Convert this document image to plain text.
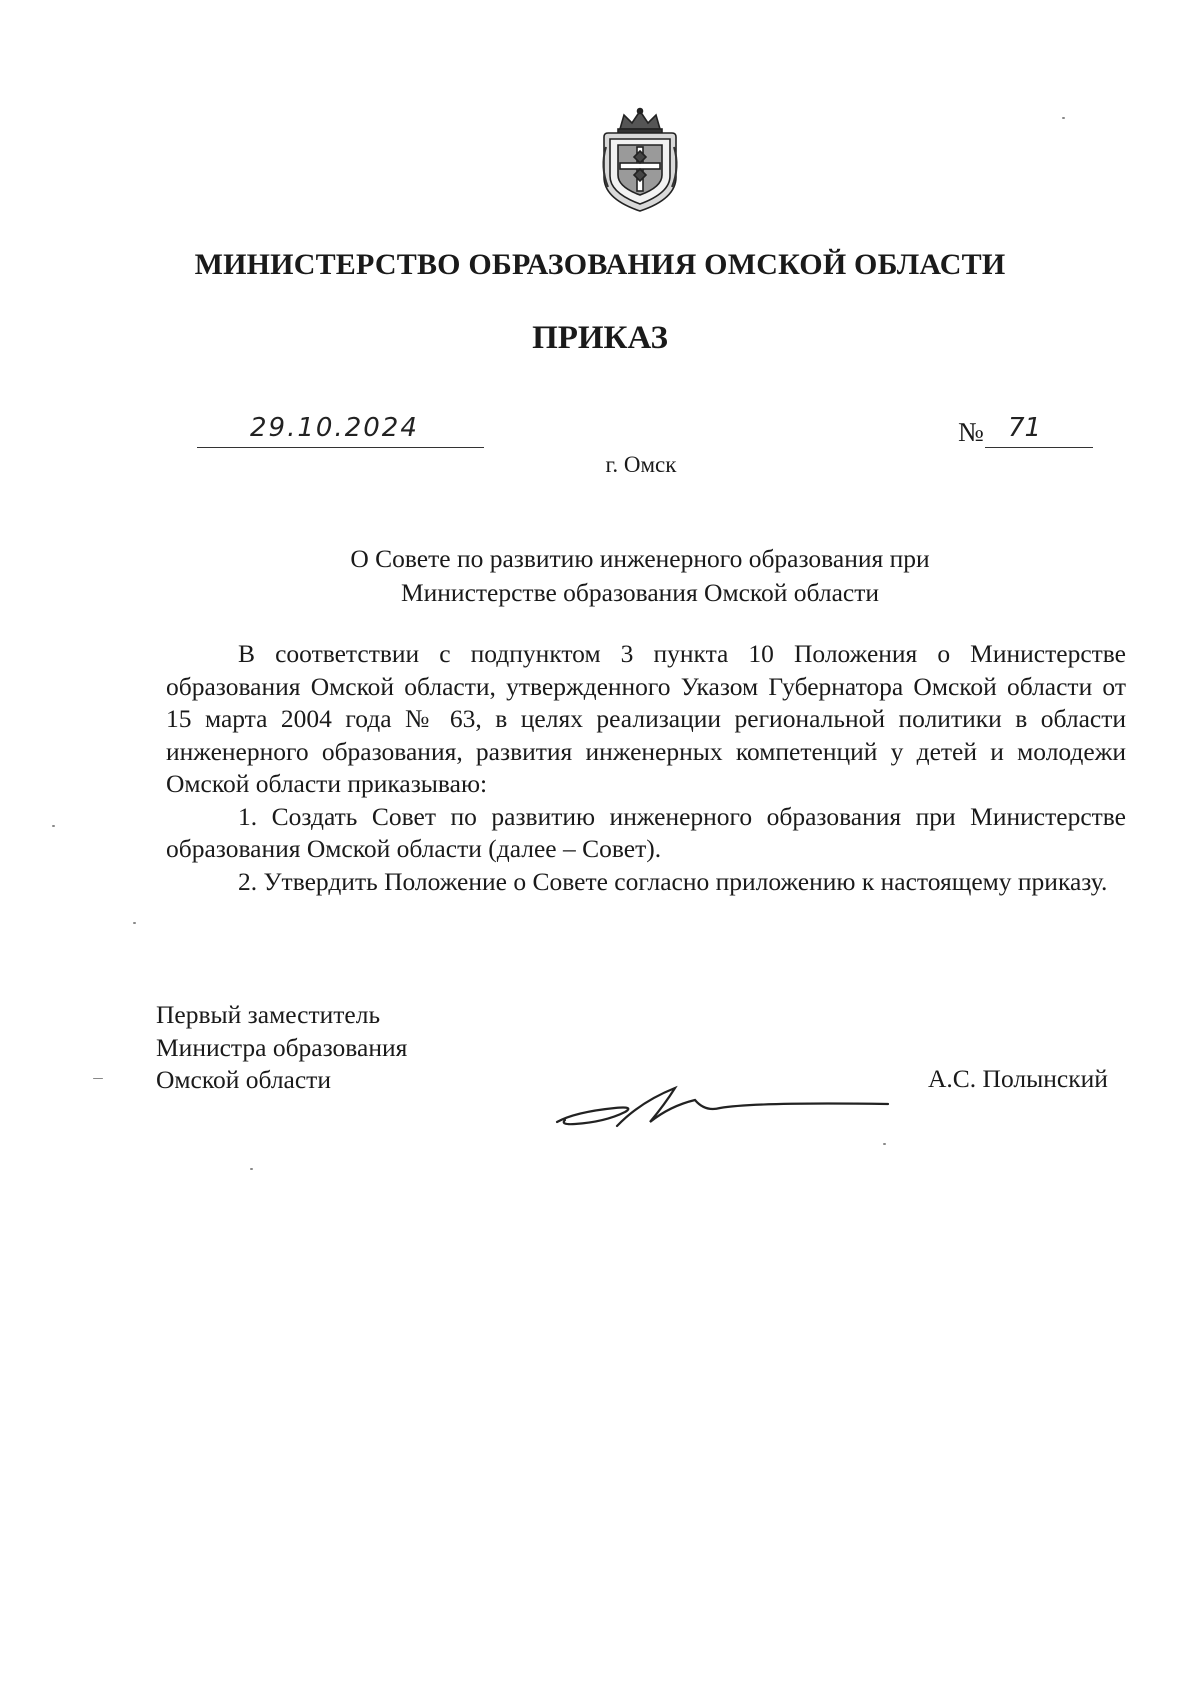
МИНИСТЕРСТВО ОБРАЗОВАНИЯ ОМСКОЙ ОБЛАСТИ
ПРИКАЗ
29.10.2024	№ 71
г. Омск
О Совете по развитию инженерного образования при
Министерстве образования Омской области

В соответствии с подпунктом 3 пункта 10 Положения о Министерстве образования Омской области, утвержденного Указом Губернатора Омской области от 15 марта 2004 года № 63, в целях реализации региональной политики в области инженерного образования, развития инженерных компетенций у детей и молодежи Омской области приказываю:

1. Создать Совет по развитию инженерного образования при Министерстве образования Омской области (далее – Совет).

2. Утвердить Положение о Совете согласно приложению к настоящему приказу.

Первый заместитель
Министра образования
Омской области	А.С. Полынский
